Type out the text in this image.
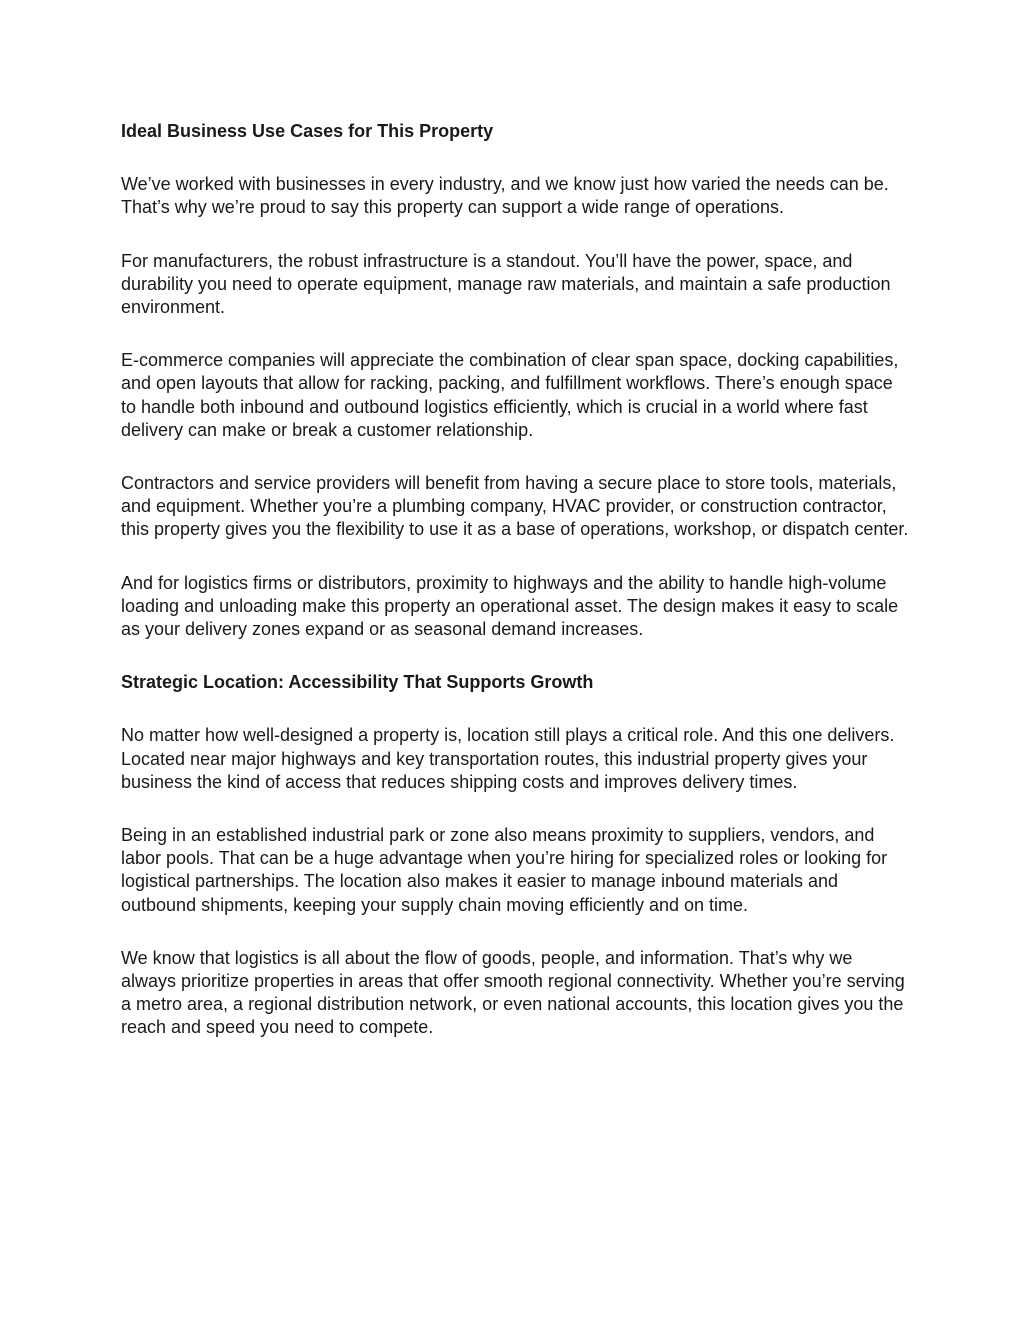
Ideal Business Use Cases for This Property

We’ve worked with businesses in every industry, and we know just how varied the needs can be. That’s why we’re proud to say this property can support a wide range of operations.

For manufacturers, the robust infrastructure is a standout. You’ll have the power, space, and durability you need to operate equipment, manage raw materials, and maintain a safe production environment.

E-commerce companies will appreciate the combination of clear span space, docking capabilities, and open layouts that allow for racking, packing, and fulfillment workflows. There’s enough space to handle both inbound and outbound logistics efficiently, which is crucial in a world where fast delivery can make or break a customer relationship.

Contractors and service providers will benefit from having a secure place to store tools, materials, and equipment. Whether you’re a plumbing company, HVAC provider, or construction contractor, this property gives you the flexibility to use it as a base of operations, workshop, or dispatch center.

And for logistics firms or distributors, proximity to highways and the ability to handle high-volume loading and unloading make this property an operational asset. The design makes it easy to scale as your delivery zones expand or as seasonal demand increases.

Strategic Location: Accessibility That Supports Growth

No matter how well-designed a property is, location still plays a critical role. And this one delivers. Located near major highways and key transportation routes, this industrial property gives your business the kind of access that reduces shipping costs and improves delivery times.

Being in an established industrial park or zone also means proximity to suppliers, vendors, and labor pools. That can be a huge advantage when you’re hiring for specialized roles or looking for logistical partnerships. The location also makes it easier to manage inbound materials and outbound shipments, keeping your supply chain moving efficiently and on time.

We know that logistics is all about the flow of goods, people, and information. That’s why we always prioritize properties in areas that offer smooth regional connectivity. Whether you’re serving a metro area, a regional distribution network, or even national accounts, this location gives you the reach and speed you need to compete.
